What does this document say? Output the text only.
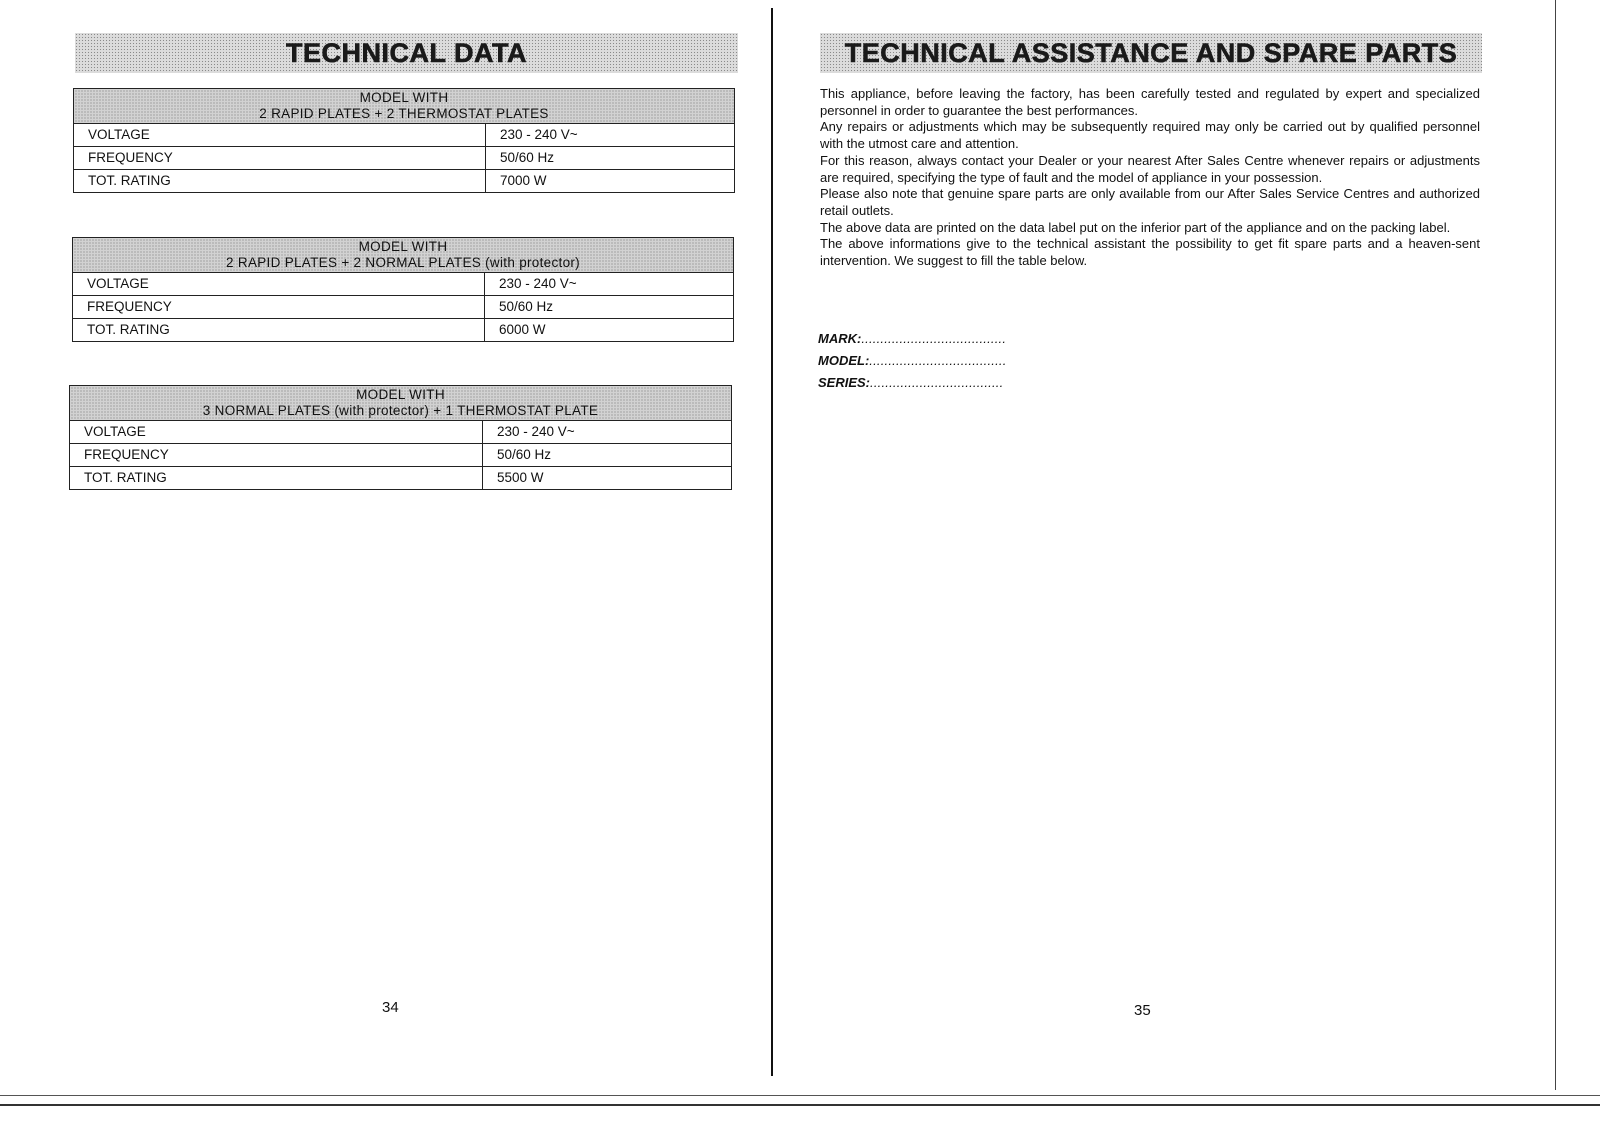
TECHNICAL DATA
MODEL WITH
2 RAPID PLATES + 2 THERMOSTAT PLATES	

VOLTAGE	230 - 240 V~
FREQUENCY	50/60 Hz
TOT. RATING	7000 W
MODEL WITH
2 RAPID PLATES + 2 NORMAL PLATES (with protector)	

VOLTAGE	230 - 240 V~
FREQUENCY	50/60 Hz
TOT. RATING	6000 W
MODEL WITH
3 NORMAL PLATES (with protector) + 1 THERMOSTAT PLATE	

VOLTAGE	230 - 240 V~
FREQUENCY	50/60 Hz
TOT. RATING	5500 W
34
TECHNICAL ASSISTANCE AND SPARE PARTS

This appliance, before leaving the factory, has been carefully tested and regulated by expert and specialized personnel in order to guarantee the best performances.

Any repairs or adjustments which may be subsequently required may only be carried out by qualified personnel with the utmost care and attention.

For this reason, always contact your Dealer or your nearest After Sales Centre whenever repairs or adjustments are required, specifying the type of fault and the model of appliance in your possession.

Please also note that genuine spare parts are only available from our After Sales Service Centres and authorized retail outlets.

The above data are printed on the data label put on the inferior part of the appliance and on the packing label.

The above informations give to the technical assistant the possibility to get fit spare parts and a heaven-sent intervention. We suggest to fill the table below.

MARK:......................................
MODEL:....................................
SERIES:...................................
35
